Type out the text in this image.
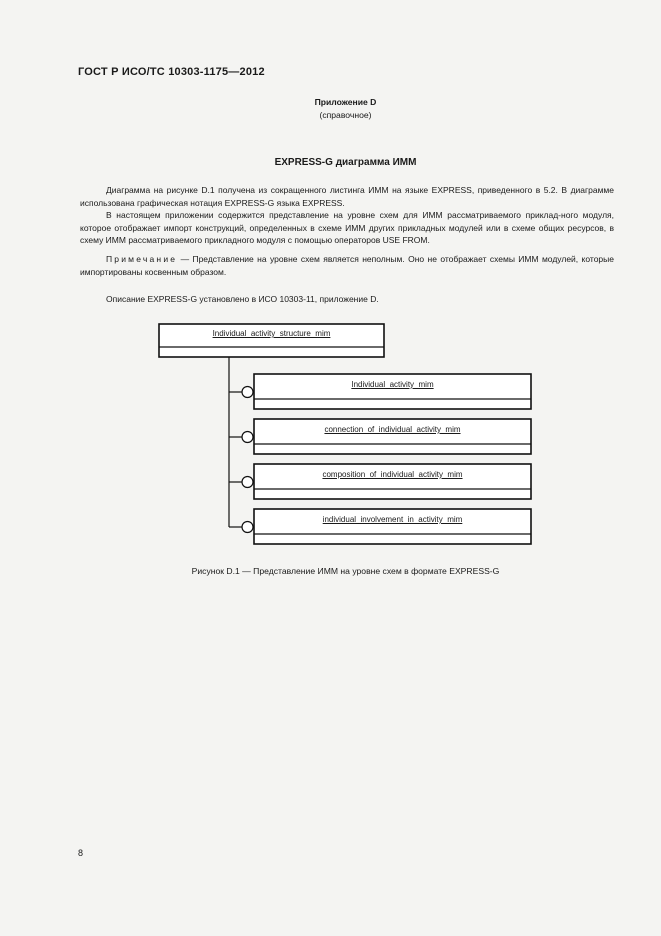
ГОСТ Р ИСО/ТС 10303-1175—2012
Приложение D
(справочное)
EXPRESS-G диаграмма ИММ

Диаграмма на рисунке D.1 получена из сокращенного листинга ИММ на языке EXPRESS, приведенного в 5.2. В диаграмме использована графическая нотация EXPRESS-G языка EXPRESS.

В настоящем приложении содержится представление на уровне схем для ИММ рассматриваемого приклад-ного модуля, которое отображает импорт конструкций, определенных в схеме ИММ других прикладных модулей или в схеме общих ресурсов, в схему ИММ рассматриваемого прикладного модуля с помощью операторов USE FROM.

Примечание — Представление на уровне схем является неполным. Оно не отображает схемы ИММ модулей, которые импортированы косвенным образом.

Описание EXPRESS-G установлено в ИСО 10303-11, приложение D.

Individual_activity_structure_mim
Individual_activity_mim
connection_of_individual_activity_mim
composition_of_individual_activity_mim
individual_involvement_in_activity_mim
Рисунок D.1 — Представление ИММ на уровне схем в формате EXPRESS-G
8
